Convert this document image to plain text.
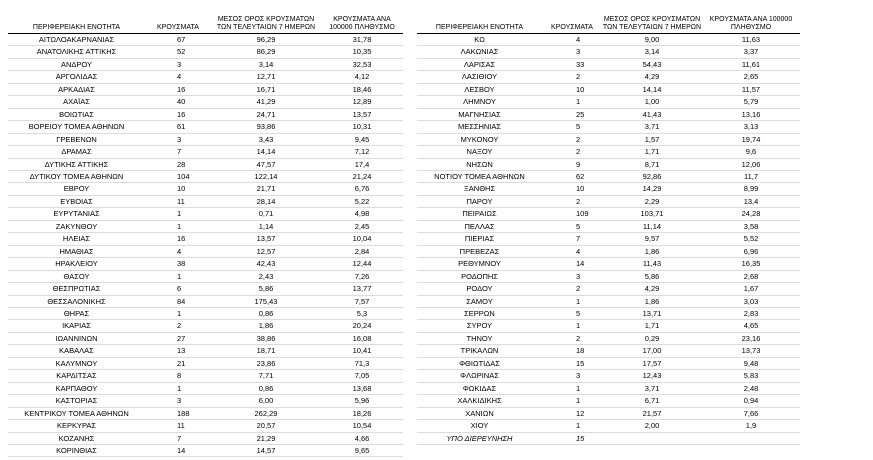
ΠΕΡΙΦΕΡΕΙΑΚΗ ΕΝΟΤΗΤΑ	ΚΡΟΥΣΜΑΤΑ	ΜΕΣΟΣ ΟΡΟΣ ΚΡΟΥΣΜΑΤΩΝ ΤΩΝ ΤΕΛΕΥΤΑΙΩΝ 7 ΗΜΕΡΩΝ	ΚΡΟΥΣΜΑΤΑ ΑΝΑ 100000 ΠΛΗΘΥΣΜΟ
ΑΙΤΩΛΟΑΚΑΡΝΑΝΙΑΣ	67	96,29	31,78
ΑΝΑΤΟΛΙΚΗΣ ΑΤΤΙΚΗΣ	52	86,29	10,35
ΑΝΔΡΟΥ	3	3,14	32,53
ΑΡΓΟΛΙΔΑΣ	4	12,71	4,12
ΑΡΚΑΔΙΑΣ	16	16,71	18,46
ΑΧΑΪΑΣ	40	41,29	12,89
ΒΟΙΩΤΙΑΣ	16	24,71	13,57
ΒΟΡΕΙΟΥ ΤΟΜΕΑ ΑΘΗΝΩΝ	61	93,86	10,31
ΓΡΕΒΕΝΩΝ	3	3,43	9,45
ΔΡΑΜΑΣ	7	14,14	7,12
ΔΥΤΙΚΗΣ ΑΤΤΙΚΗΣ	28	47,57	17,4
ΔΥΤΙΚΟΥ ΤΟΜΕΑ ΑΘΗΝΩΝ	104	122,14	21,24
ΕΒΡΟΥ	10	21,71	6,76
ΕΥΒΟΙΑΣ	11	28,14	5,22
ΕΥΡΥΤΑΝΙΑΣ	1	0,71	4,98
ΖΑΚΥΝΘΟΥ	1	1,14	2,45
ΗΛΕΙΑΣ	16	13,57	10,04
ΗΜΑΘΙΑΣ	4	12,57	2,84
ΗΡΑΚΛΕΙΟΥ	38	42,43	12,44
ΘΑΣΟΥ	1	2,43	7,26
ΘΕΣΠΡΩΤΙΑΣ	6	5,86	13,77
ΘΕΣΣΑΛΟΝΙΚΗΣ	84	175,43	7,57
ΘΗΡΑΣ	1	0,86	5,3
ΙΚΑΡΙΑΣ	2	1,86	20,24
ΙΩΑΝΝΙΝΩΝ	27	38,86	16,08
ΚΑΒΑΛΑΣ	13	18,71	10,41
ΚΑΛΥΜΝΟΥ	21	23,86	71,3
ΚΑΡΔΙΤΣΑΣ	8	7,71	7,05
ΚΑΡΠΑΘΟΥ	1	0,86	13,68
ΚΑΣΤΟΡΙΑΣ	3	6,00	5,96
ΚΕΝΤΡΙΚΟΥ ΤΟΜΕΑ ΑΘΗΝΩΝ	188	262,29	18,26
ΚΕΡΚΥΡΑΣ	11	20,57	10,54
ΚΟΖΑΝΗΣ	7	21,29	4,66
ΚΟΡΙΝΘΙΑΣ	14	14,57	9,65
ΠΕΡΙΦΕΡΕΙΑΚΗ ΕΝΟΤΗΤΑ	ΚΡΟΥΣΜΑΤΑ	ΜΕΣΟΣ ΟΡΟΣ ΚΡΟΥΣΜΑΤΩΝ ΤΩΝ ΤΕΛΕΥΤΑΙΩΝ 7 ΗΜΕΡΩΝ	ΚΡΟΥΣΜΑΤΑ ΑΝΑ 100000 ΠΛΗΘΥΣΜΟ
ΚΩ	4	9,00	11,63
ΛΑΚΩΝΙΑΣ	3	3,14	3,37
ΛΑΡΙΣΑΣ	33	54,43	11,61
ΛΑΣΙΘΙΟΥ	2	4,29	2,65
ΛΕΣΒΟΥ	10	14,14	11,57
ΛΗΜΝΟΥ	1	1,00	5,79
ΜΑΓΝΗΣΙΑΣ	25	41,43	13,16
ΜΕΣΣΗΝΙΑΣ	5	3,71	3,13
ΜΥΚΟΝΟΥ	2	1,57	19,74
ΝΑΞΟΥ	2	1,71	9,6
ΝΗΣΩΝ	9	8,71	12,06
ΝΟΤΙΟΥ ΤΟΜΕΑ ΑΘΗΝΩΝ	62	92,86	11,7
ΞΑΝΘΗΣ	10	14,29	8,99
ΠΑΡΟΥ	2	2,29	13,4
ΠΕΙΡΑΙΩΣ	109	103,71	24,28
ΠΕΛΛΑΣ	5	11,14	3,58
ΠΙΕΡΙΑΣ	7	9,57	5,52
ΠΡΕΒΕΖΑΣ	4	1,86	6,96
ΡΕΘΥΜΝΟΥ	14	11,43	16,35
ΡΟΔΟΠΗΣ	3	5,86	2,68
ΡΟΔΟΥ	2	4,29	1,67
ΣΑΜΟΥ	1	1,86	3,03
ΣΕΡΡΩΝ	5	13,71	2,83
ΣΥΡΟΥ	1	1,71	4,65
ΤΗΝΟΥ	2	0,29	23,16
ΤΡΙΚΑΛΩΝ	18	17,00	13,73
ΦΘΙΩΤΙΔΑΣ	15	17,57	9,48
ΦΛΩΡΙΝΑΣ	3	12,43	5,83
ΦΩΚΙΔΑΣ	1	3,71	2,48
ΧΑΛΚΙΔΙΚΗΣ	1	6,71	0,94
ΧΑΝΙΩΝ	12	21,57	7,66
ΧΙΟΥ	1	2,00	1,9
ΥΠΟ ΔΙΕΡΕΥΝΗΣΗ	15		
